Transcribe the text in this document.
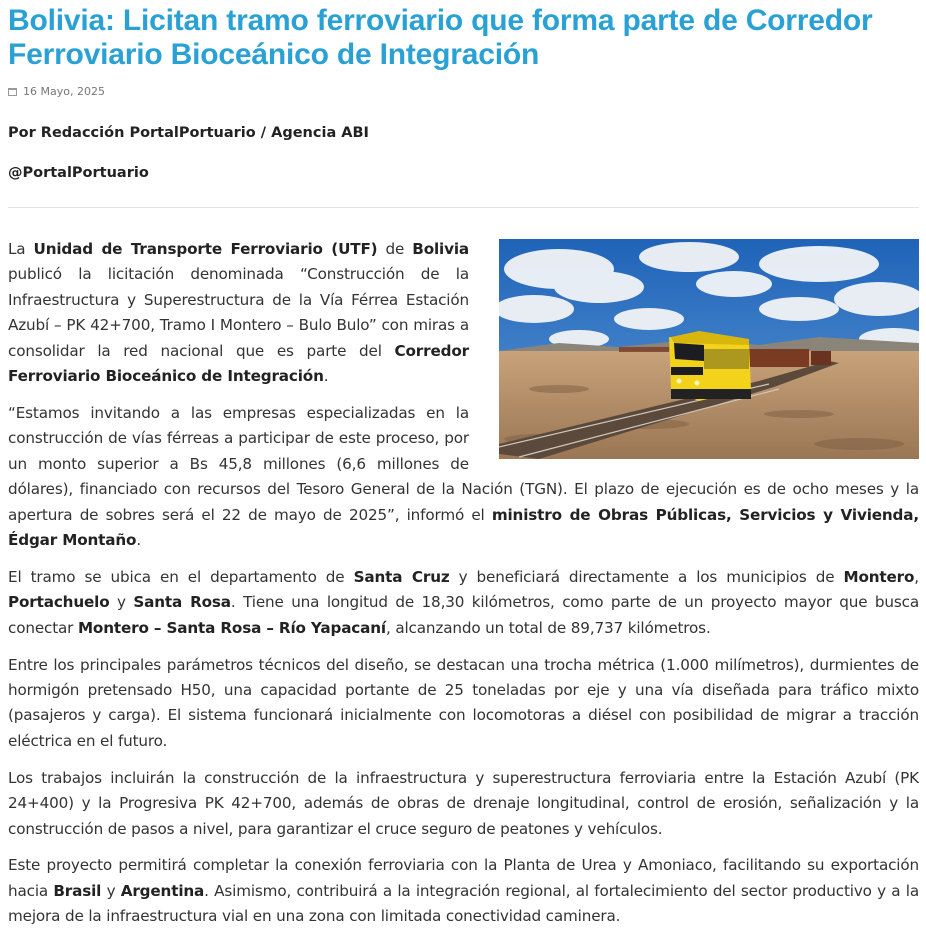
Bolivia: Licitan tramo ferroviario que forma parte de Corredor Ferroviario Bioceánico de Integración
16 Mayo, 2025
Por Redacción PortalPortuario / Agencia ABI
@PortalPortuario

La Unidad de Transporte Ferroviario (UTF) de Bolivia publicó la licitación denominada “Construcción de la Infraestructura y Superestructura de la Vía Férrea Estación Azubí – PK 42+700, Tramo I Montero – Bulo Bulo” con miras a consolidar la red nacional que es parte del Corredor Ferroviario Bioceánico de Integración.

“Estamos invitando a las empresas especializadas en la construcción de vías férreas a participar de este proceso, por un monto superior a Bs 45,8 millones (6,6 millones de dólares), financiado con recursos del Tesoro General de la Nación (TGN). El plazo de ejecución es de ocho meses y la apertura de sobres será el 22 de mayo de 2025”, informó el ministro de Obras Públicas, Servicios y Vivienda, Édgar Montaño.

El tramo se ubica en el departamento de Santa Cruz y beneficiará directamente a los municipios de Montero, Portachuelo y Santa Rosa. Tiene una longitud de 18,30 kilómetros, como parte de un proyecto mayor que busca conectar Montero – Santa Rosa – Río Yapacaní, alcanzando un total de 89,737 kilómetros.

Entre los principales parámetros técnicos del diseño, se destacan una trocha métrica (1.000 milímetros), durmientes de hormigón pretensado H50, una capacidad portante de 25 toneladas por eje y una vía diseñada para tráfico mixto (pasajeros y carga). El sistema funcionará inicialmente con locomotoras a diésel con posibilidad de migrar a tracción eléctrica en el futuro.

Los trabajos incluirán la construcción de la infraestructura y superestructura ferroviaria entre la Estación Azubí (PK 24+400) y la Progresiva PK 42+700, además de obras de drenaje longitudinal, control de erosión, señalización y la construcción de pasos a nivel, para garantizar el cruce seguro de peatones y vehículos.

Este proyecto permitirá completar la conexión ferroviaria con la Planta de Urea y Amoniaco, facilitando su exportación hacia Brasil y Argentina. Asimismo, contribuirá a la integración regional, al fortalecimiento del sector productivo y a la mejora de la infraestructura vial en una zona con limitada conectividad caminera.
